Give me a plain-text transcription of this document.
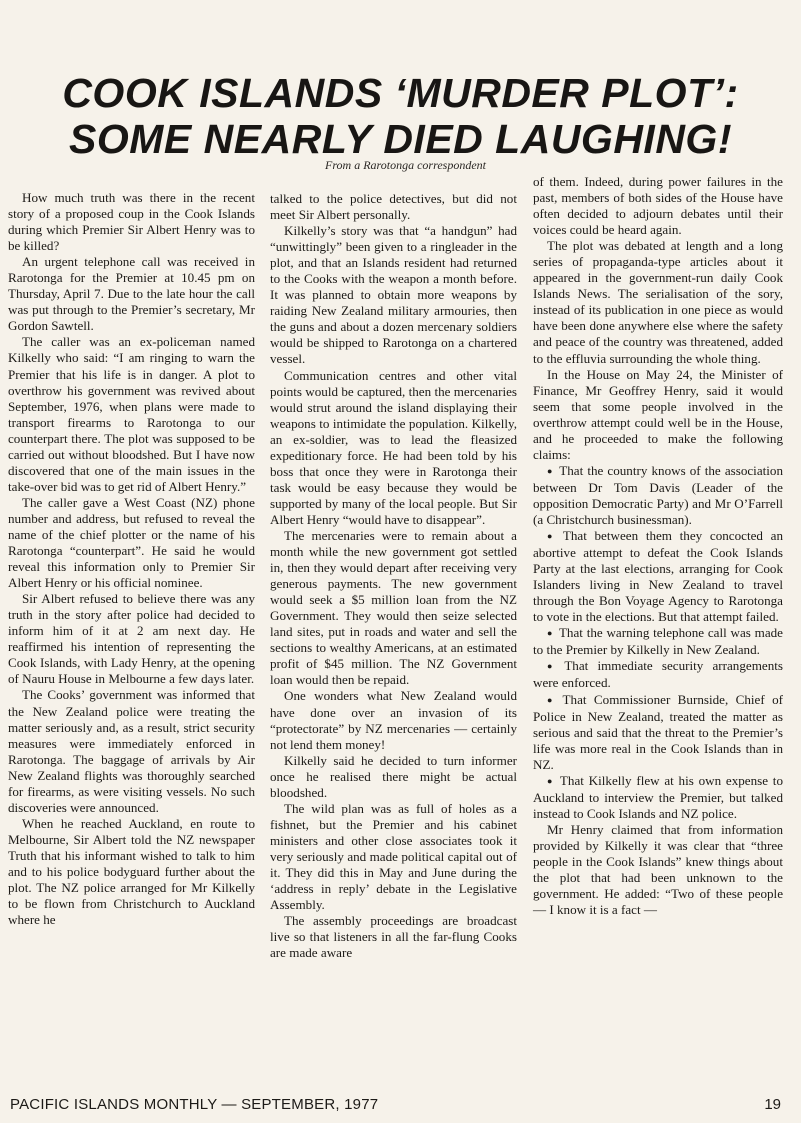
COOK ISLANDS ‘MURDER PLOT’:
SOME NEARLY DIED LAUGHING!
From a Rarotonga correspondent

How much truth was there in the recent story of a proposed coup in the Cook Islands during which Premier Sir Albert Henry was to be killed?

An urgent telephone call was received in Rarotonga for the Premier at 10.45 pm on Thursday, April 7. Due to the late hour the call was put through to the Premier’s secretary, Mr Gordon Sawtell.

The caller was an ex-policeman named Kilkelly who said: “I am ringing to warn the Premier that his life is in danger. A plot to overthrow his government was revived about September, 1976, when plans were made to transport firearms to Rarotonga to our counterpart there. The plot was supposed to be carried out without bloodshed. But I have now discovered that one of the main issues in the take-over bid was to get rid of Albert Henry.”

The caller gave a West Coast (NZ) phone number and address, but refused to reveal the name of the chief plotter or the name of his Rarotonga “counterpart”. He said he would reveal this information only to Premier Sir Albert Henry or his official nominee.

Sir Albert refused to believe there was any truth in the story after police had decided to inform him of it at 2 am next day. He reaffirmed his intention of representing the Cook Islands, with Lady Henry, at the opening of Nauru House in Melbourne a few days later.

The Cooks’ government was informed that the New Zealand police were treating the matter seriously and, as a result, strict security measures were immediately enforced in Rarotonga. The baggage of arrivals by Air New Zealand flights was thoroughly searched for firearms, as were visiting vessels. No such discoveries were announced.

When he reached Auckland, en route to Melbourne, Sir Albert told the NZ newspaper Truth that his informant wished to talk to him and to his police bodyguard further about the plot. The NZ police arranged for Mr Kilkelly to be flown from Christchurch to Auckland where he

talked to the police detectives, but did not meet Sir Albert personally.

Kilkelly’s story was that “a handgun” had “unwittingly” been given to a ringleader in the plot, and that an Islands resident had returned to the Cooks with the weapon a month before. It was planned to obtain more weapons by raiding New Zealand military armouries, then the guns and about a dozen mercenary soldiers would be shipped to Rarotonga on a chartered vessel.

Communication centres and other vital points would be captured, then the mercenaries would strut around the island displaying their weapons to intimidate the population. Kilkelly, an ex-soldier, was to lead the fleasized expeditionary force. He had been told by his boss that once they were in Rarotonga their task would be easy because they would be supported by many of the local people. But Sir Albert Henry “would have to disappear”.

The mercenaries were to remain about a month while the new government got settled in, then they would depart after receiving very generous payments. The new government would seek a $5 million loan from the NZ Government. They would then seize selected land sites, put in roads and water and sell the sections to wealthy Americans, at an estimated profit of $45 million. The NZ Government loan would then be repaid.

One wonders what New Zealand would have done over an invasion of its “protectorate” by NZ mercenaries — certainly not lend them money!

Kilkelly said he decided to turn informer once he realised there might be actual bloodshed.

The wild plan was as full of holes as a fishnet, but the Premier and his cabinet ministers and other close associates took it very seriously and made political capital out of it. They did this in May and June during the ‘address in reply’ debate in the Legislative Assembly.

The assembly proceedings are broadcast live so that listeners in all the far-flung Cooks are made aware

of them. Indeed, during power failures in the past, members of both sides of the House have often decided to adjourn debates until their voices could be heard again.

The plot was debated at length and a long series of propaganda-type articles about it appeared in the government-run daily Cook Islands News. The serialisation of the sory, instead of its publication in one piece as would have been done anywhere else where the safety and peace of the country was threatened, added to the effluvia surrounding the whole thing.

In the House on May 24, the Minister of Finance, Mr Geoffrey Henry, said it would seem that some people involved in the overthrow attempt could well be in the House, and he proceeded to make the following claims:

● That the country knows of the association between Dr Tom Davis (Leader of the opposition Democratic Party) and Mr O’Farrell (a Christchurch businessman).

● That between them they concocted an abortive attempt to defeat the Cook Islands Party at the last elections, arranging for Cook Islanders living in New Zealand to travel through the Bon Voyage Agency to Rarotonga to vote in the elections. But that attempt failed.

● That the warning telephone call was made to the Premier by Kilkelly in New Zealand.

● That immediate security arrangements were enforced.

● That Commissioner Burnside, Chief of Police in New Zealand, treated the matter as serious and said that the threat to the Premier’s life was more real in the Cook Islands than in NZ.

● That Kilkelly flew at his own expense to Auckland to interview the Premier, but talked instead to Cook Islands and NZ police.

Mr Henry claimed that from information provided by Kilkelly it was clear that “three people in the Cook Islands” knew things about the plot that had been unknown to the government. He added: “Two of these people — I know it is a fact —

PACIFIC ISLANDS MONTHLY — SEPTEMBER, 1977	19
